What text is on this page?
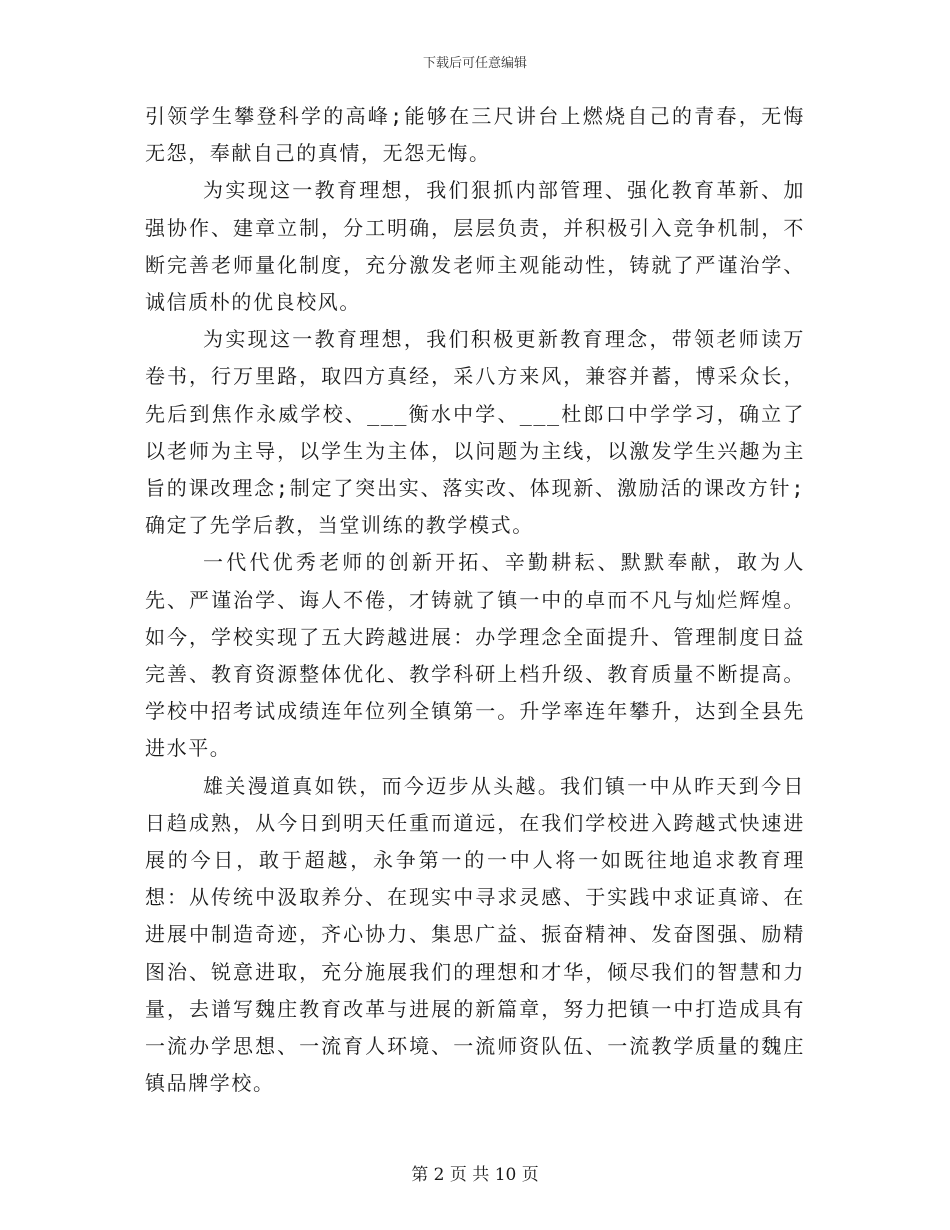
下载后可任意编辑

引领学生攀登科学的高峰;能够在三尺讲台上燃烧自己的青春，无悔无怨，奉献自己的真情，无怨无悔。

为实现这一教育理想，我们狠抓内部管理、强化教育革新、加强协作、建章立制，分工明确，层层负责，并积极引入竞争机制，不断完善老师量化制度，充分激发老师主观能动性，铸就了严谨治学、诚信质朴的优良校风。

为实现这一教育理想，我们积极更新教育理念，带领老师读万卷书，行万里路，取四方真经，采八方来风，兼容并蓄，博采众长，先后到焦作永威学校、___衡水中学、___杜郎口中学学习，确立了以老师为主导，以学生为主体，以问题为主线，以激发学生兴趣为主旨的课改理念;制定了突出实、落实改、体现新、激励活的课改方针;确定了先学后教，当堂训练的教学模式。

一代代优秀老师的创新开拓、辛勤耕耘、默默奉献，敢为人先、严谨治学、诲人不倦，才铸就了镇一中的卓而不凡与灿烂辉煌。如今，学校实现了五大跨越进展：办学理念全面提升、管理制度日益完善、教育资源整体优化、教学科研上档升级、教育质量不断提高。学校中招考试成绩连年位列全镇第一。升学率连年攀升，达到全县先进水平。

雄关漫道真如铁，而今迈步从头越。我们镇一中从昨天到今日日趋成熟，从今日到明天任重而道远，在我们学校进入跨越式快速进展的今日，敢于超越，永争第一的一中人将一如既往地追求教育理想：从传统中汲取养分、在现实中寻求灵感、于实践中求证真谛、在进展中制造奇迹，齐心协力、集思广益、振奋精神、发奋图强、励精图治、锐意进取，充分施展我们的理想和才华，倾尽我们的智慧和力量，去谱写魏庄教育改革与进展的新篇章，努力把镇一中打造成具有一流办学思想、一流育人环境、一流师资队伍、一流教学质量的魏庄镇品牌学校。

第 2 页 共 10 页
